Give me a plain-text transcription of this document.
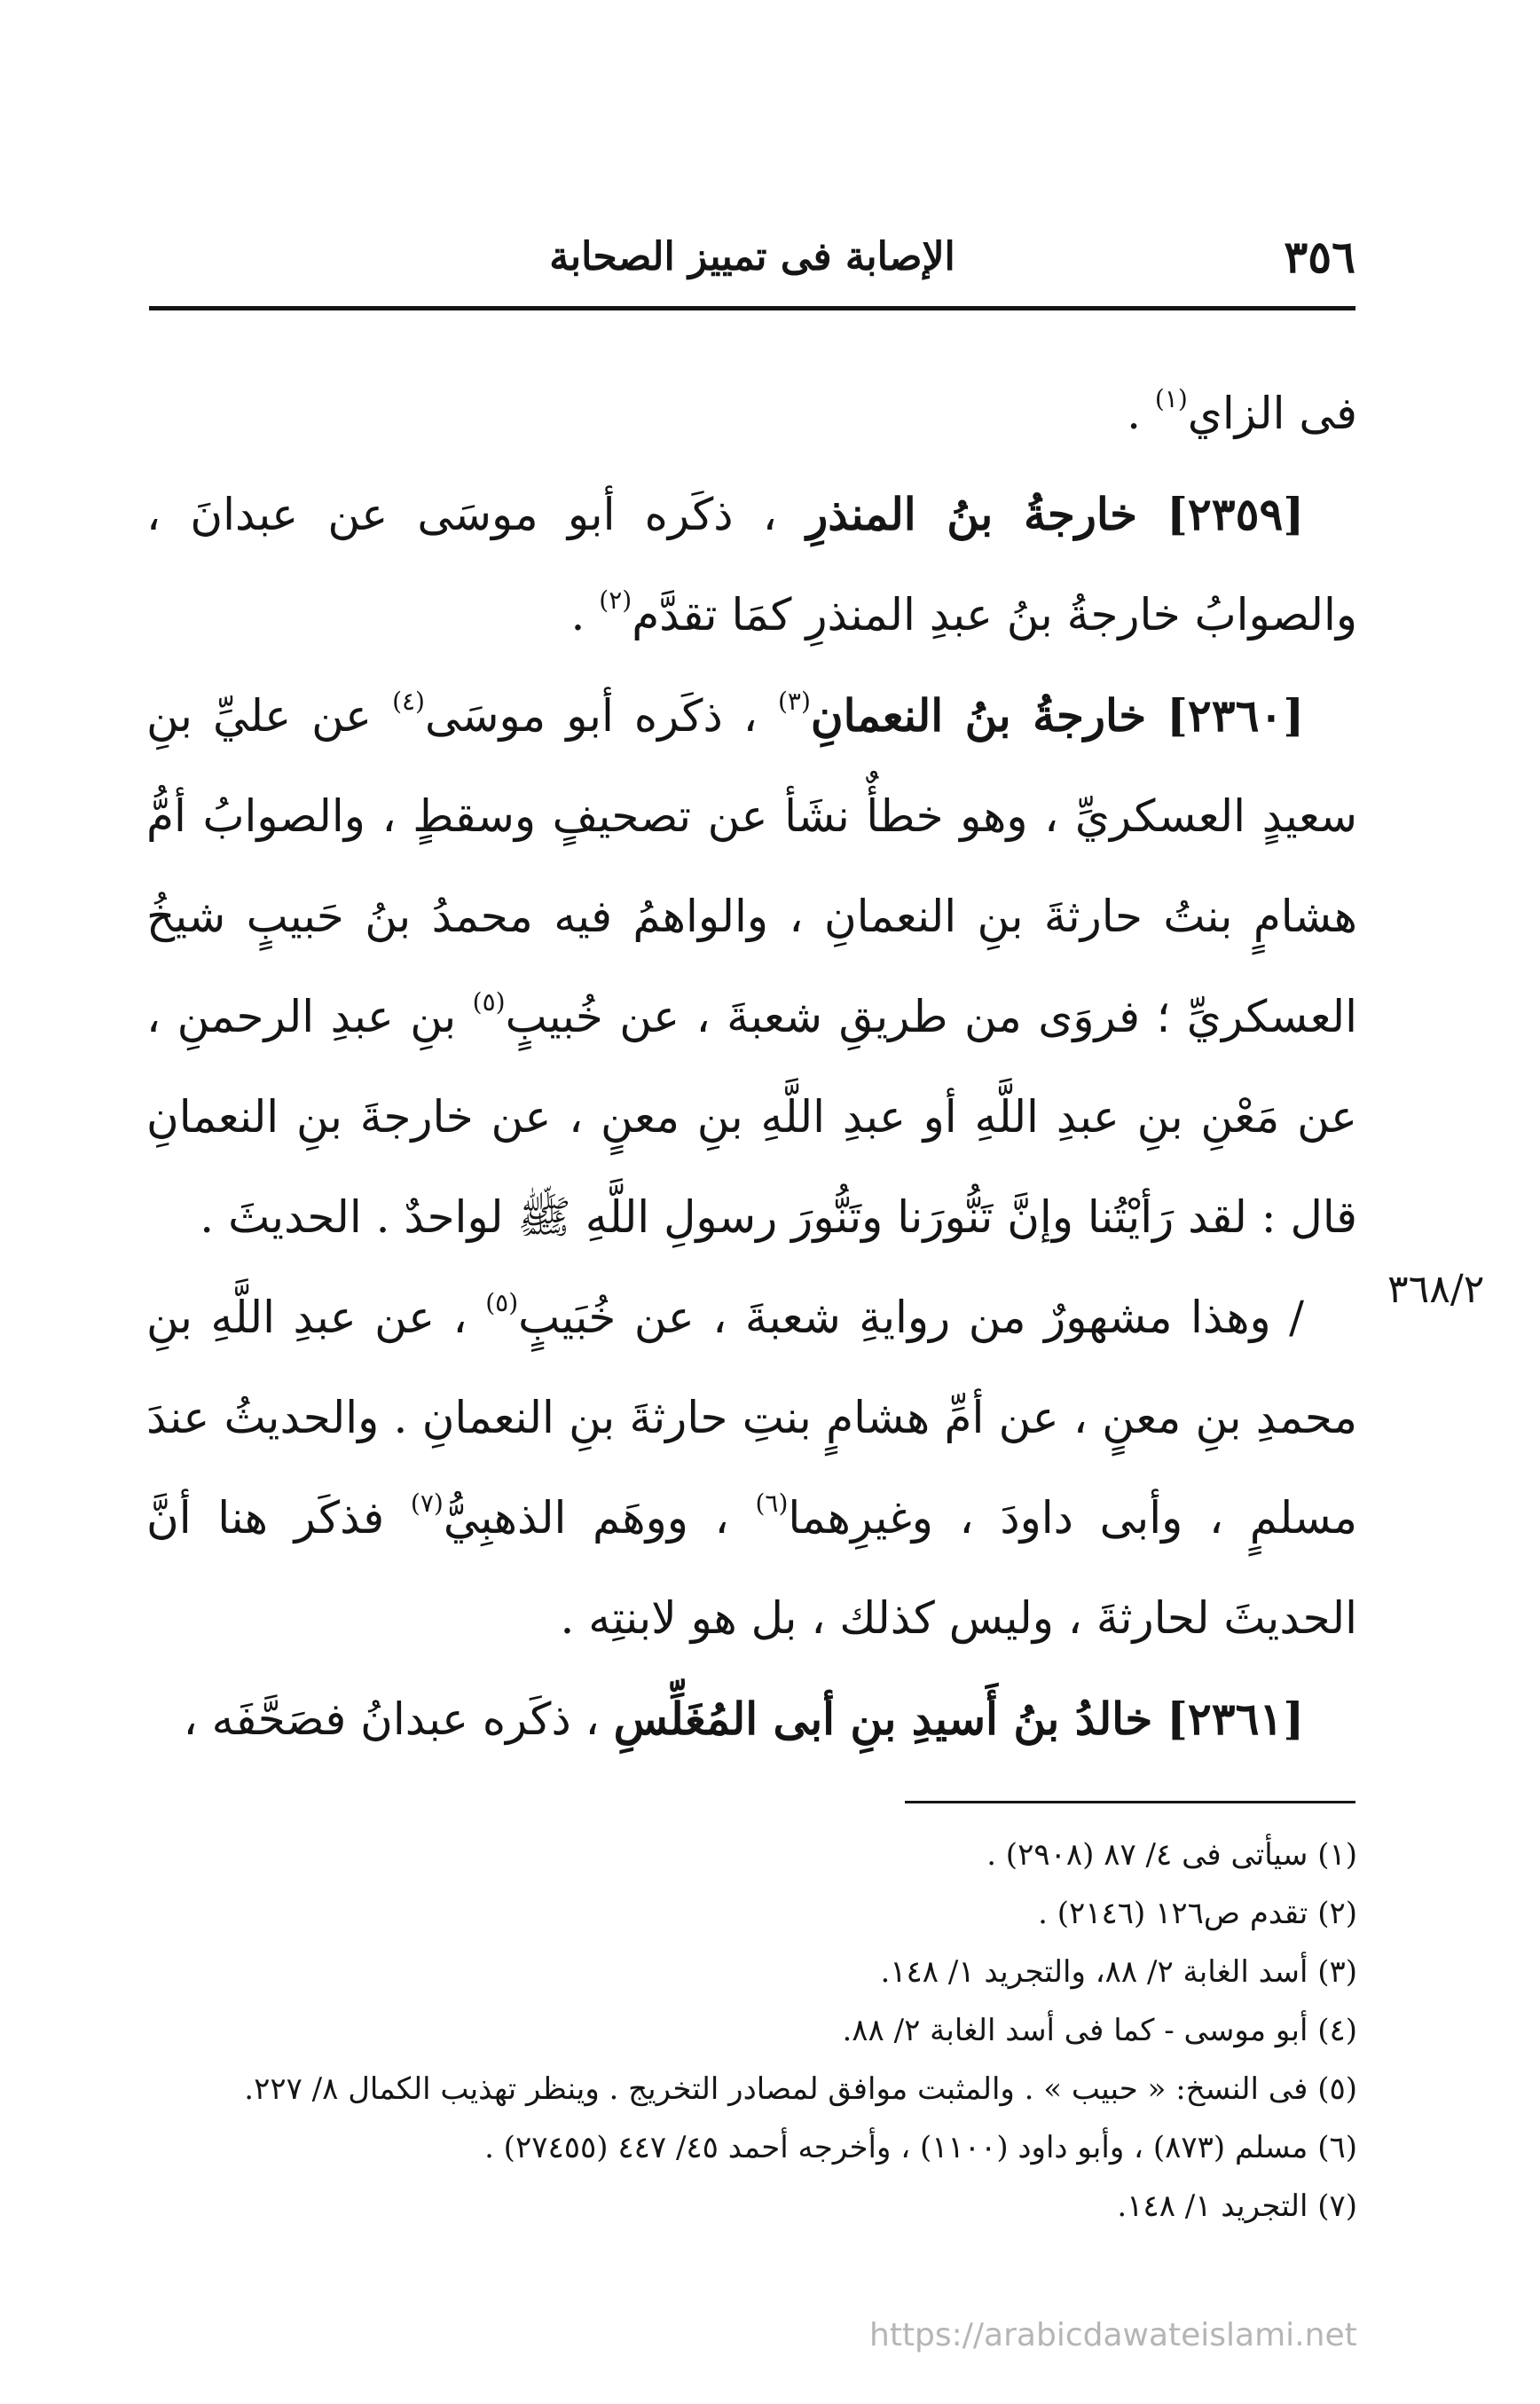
٣٥٦
الإصابة فى تمييز الصحابة

فى الزاي$^{(١)}$ .

[٢٣٥٩] خارجةُ بنُ المنذرِ ، ذكَره أبو موسَى عن عبدانَ ، والصوابُ خارجةُ بنُ عبدِ المنذرِ كمَا تقدَّم$^{(٢)}$ .

[٢٣٦٠] خارجةُ بنُ النعمانِ$^{(٣)}$ ، ذكَره أبو موسَى$^{(٤)}$ عن عليِّ بنِ سعيدٍ العسكريِّ ، وهو خطأٌ نشَأ عن تصحيفٍ وسقطٍ ، والصوابُ أمُّ هشامٍ بنتُ حارثةَ بنِ النعمانِ ، والواهمُ فيه محمدُ بنُ حَبيبٍ شيخُ العسكريِّ ؛ فروَى من طريقِ شعبةَ ، عن خُبيبٍ$^{(٥)}$ بنِ عبدِ الرحمنِ ، عن مَعْنِ بنِ عبدِ اللَّهِ أو عبدِ اللَّهِ بنِ معنٍ ، عن خارجةَ بنِ النعمانِ قال : لقد رَأيْتُنا وإنَّ تَنُّورَنا وتَنُّورَ رسولِ اللَّهِ ﷺ لواحدٌ . الحديثَ .

/ وهذا مشهورٌ من روايةِ شعبةَ ، عن خُبَيبٍ$^{(٥)}$ ، عن عبدِ اللَّهِ بنِ محمدِ بنِ معنٍ ، عن أمِّ هشامٍ بنتِ حارثةَ بنِ النعمانِ . والحديثُ عندَ مسلمٍ ، وأبى داودَ ، وغيرِهما$^{(٦)}$ ، ووهَم الذهبِيُّ$^{(٧)}$ فذكَر هنا أنَّ الحديثَ لحارثةَ ، وليس كذلك ، بل هو لابنتِه .

[٢٣٦١] خالدُ بنُ أَسيدِ بنِ أبى المُغَلِّسِ ، ذكَره عبدانُ فصَحَّفَه ،

٣٦٨/٢

(١) سيأتى فى ٤/ ٨٧ (٢٩٠٨) .

(٢) تقدم ص١٢٦ (٢١٤٦) .

(٣) أسد الغابة ٢/ ٨٨، والتجريد ١/ ١٤٨.

(٤) أبو موسى - كما فى أسد الغابة ٢/ ٨٨.

(٥) فى النسخ: « حبيب » . والمثبت موافق لمصادر التخريج . وينظر تهذيب الكمال ٨/ ٢٢٧.

(٦) مسلم (٨٧٣) ، وأبو داود (١١٠٠) ، وأخرجه أحمد ٤٥/ ٤٤٧ (٢٧٤٥٥) .

(٧) التجريد ١/ ١٤٨.

https://arabicdawateislami.net
